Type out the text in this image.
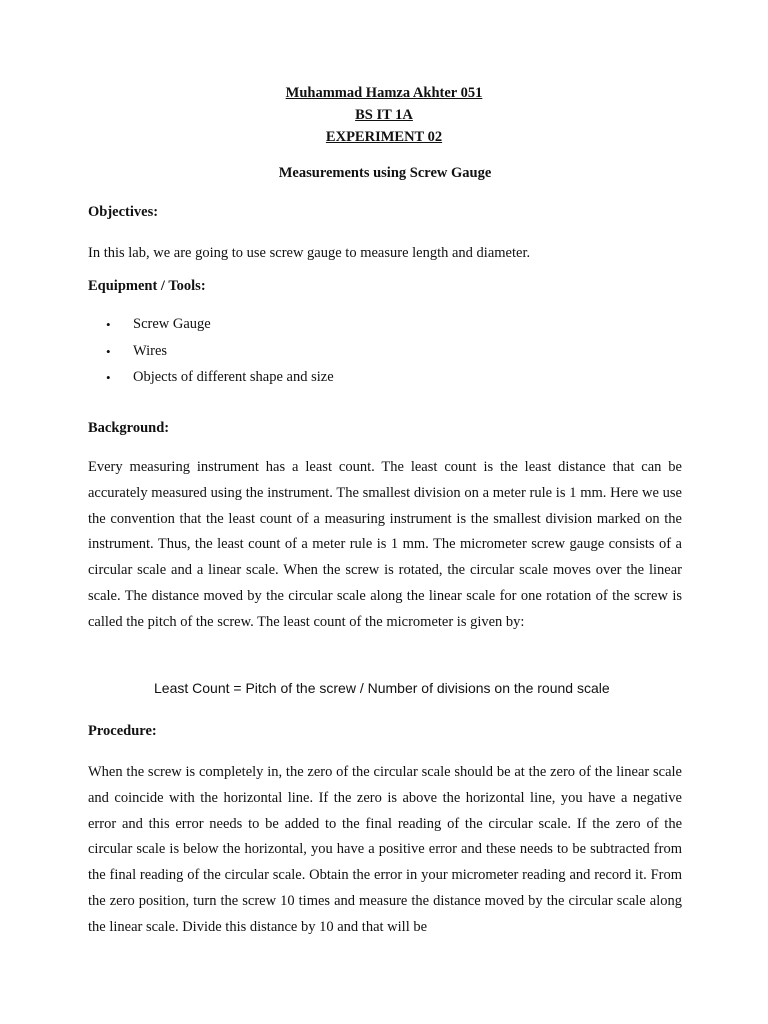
Muhammad Hamza Akhter 051
BS IT 1A
EXPERIMENT 02
Measurements using Screw Gauge
Objectives:
In this lab, we are going to use screw gauge to measure length and diameter.
Equipment / Tools:
• Screw Gauge
• Wires
• Objects of different shape and size
Background:
Every measuring instrument has a least count. The least count is the least distance that can be accurately measured using the instrument. The smallest division on a meter rule is 1 mm. Here we use the convention that the least count of a measuring instrument is the smallest division marked on the instrument. Thus, the least count of a meter rule is 1 mm. The micrometer screw gauge consists of a circular scale and a linear scale. When the screw is rotated, the circular scale moves over the linear scale. The distance moved by the circular scale along the linear scale for one rotation of the screw is called the pitch of the screw. The least count of the micrometer is given by:
Least Count = Pitch of the screw / Number of divisions on the round scale
Procedure:
When the screw is completely in, the zero of the circular scale should be at the zero of the linear scale and coincide with the horizontal line. If the zero is above the horizontal line, you have a negative error and this error needs to be added to the final reading of the circular scale. If the zero of the circular scale is below the horizontal, you have a positive error and these needs to be subtracted from the final reading of the circular scale. Obtain the error in your micrometer reading and record it. From the zero position, turn the screw 10 times and measure the distance moved by the circular scale along the linear scale. Divide this distance by 10 and that will be
